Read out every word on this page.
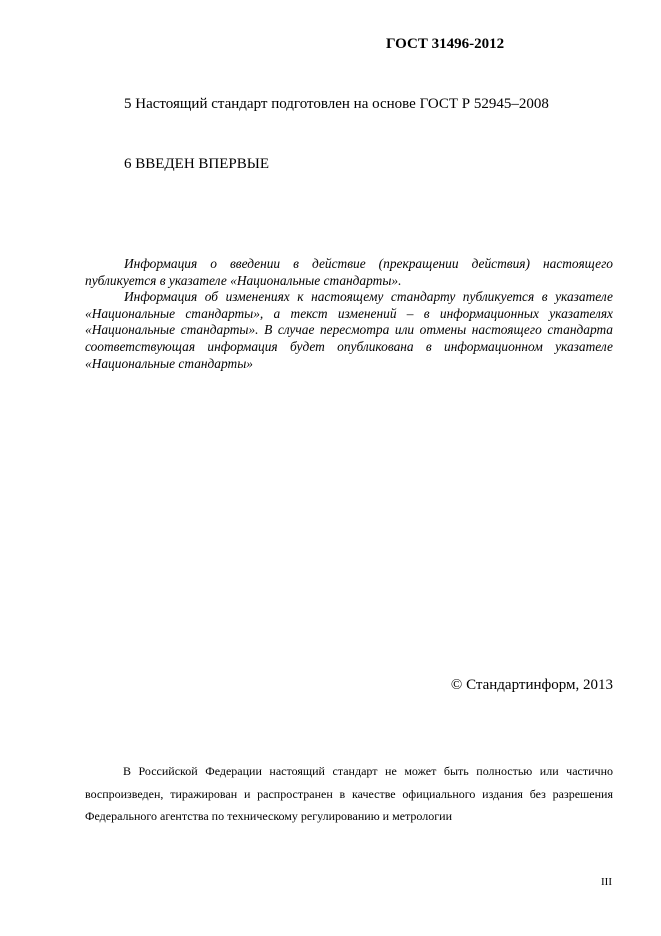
ГОСТ 31496-2012
5 Настоящий стандарт подготовлен на основе ГОСТ Р 52945–2008
6 ВВЕДЕН ВПЕРВЫЕ

Информация о введении в действие (прекращении действия) настоящего публикуется в указателе «Национальные стандарты».

Информация об изменениях к настоящему стандарту публикуется в указателе «Национальные стандарты», а текст изменений – в информационных указателях «Национальные стандарты». В случае пересмотра или отмены настоящего стандарта соответствующая информация будет опубликована в информационном указателе «Национальные стандарты»

© Стандартинформ, 2013

В Российской Федерации настоящий стандарт не может быть полностью или частично воспроизведен, тиражирован и распространен в качестве официального издания без разрешения Федерального агентства по техническому регулированию и метрологии

III
